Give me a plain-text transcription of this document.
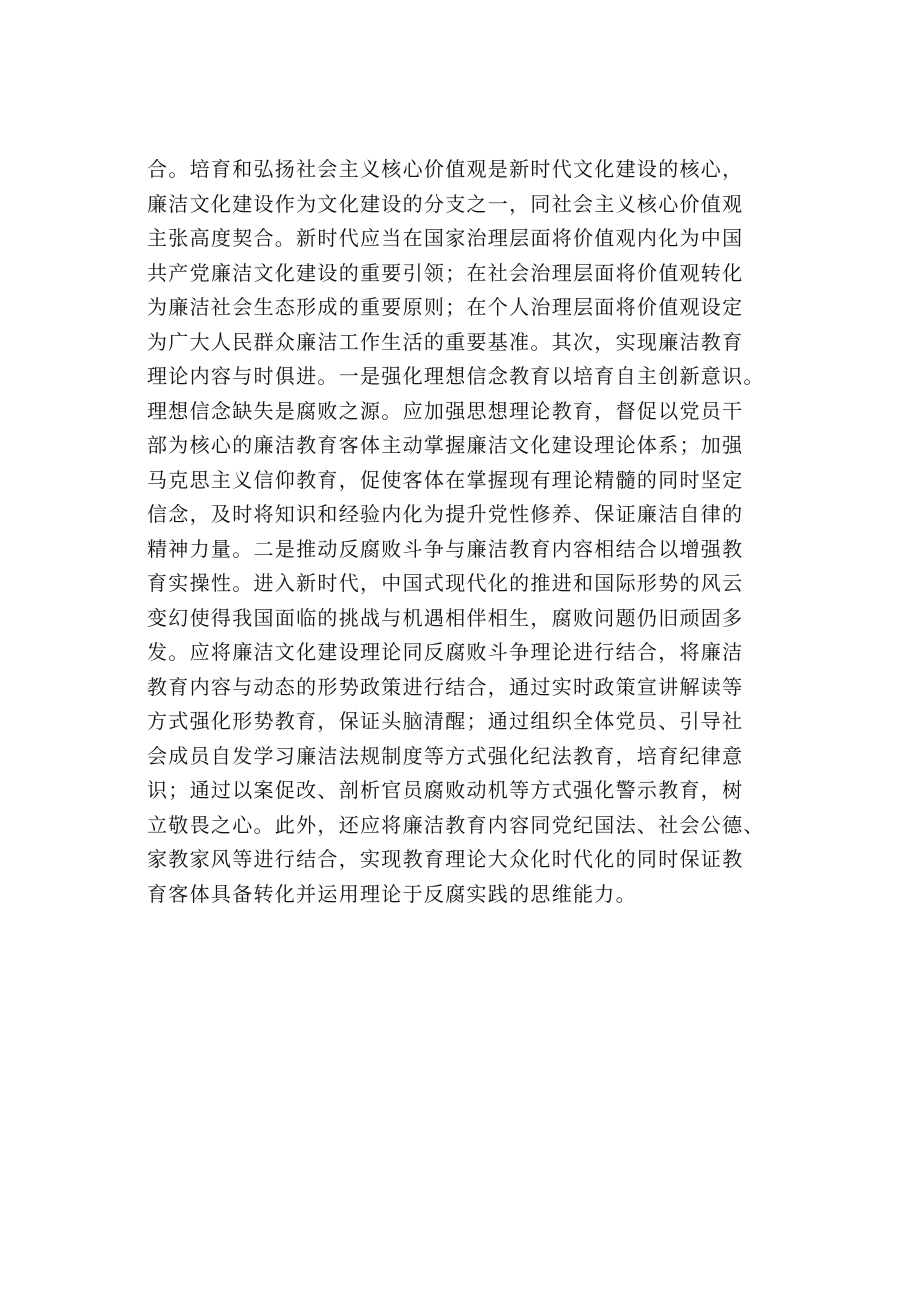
合。培育和弘扬社会主义核心价值观是新时代文化建设的核心，
廉洁文化建设作为文化建设的分支之一，同社会主义核心价值观
主张高度契合。新时代应当在国家治理层面将价值观内化为中国
共产党廉洁文化建设的重要引领；在社会治理层面将价值观转化
为廉洁社会生态形成的重要原则；在个人治理层面将价值观设定
为广大人民群众廉洁工作生活的重要基准。其次，实现廉洁教育
理论内容与时俱进。一是强化理想信念教育以培育自主创新意识。
理想信念缺失是腐败之源。应加强思想理论教育，督促以党员干
部为核心的廉洁教育客体主动掌握廉洁文化建设理论体系；加强
马克思主义信仰教育，促使客体在掌握现有理论精髓的同时坚定
信念，及时将知识和经验内化为提升党性修养、保证廉洁自律的
精神力量。二是推动反腐败斗争与廉洁教育内容相结合以增强教
育实操性。进入新时代，中国式现代化的推进和国际形势的风云
变幻使得我国面临的挑战与机遇相伴相生，腐败问题仍旧顽固多
发。应将廉洁文化建设理论同反腐败斗争理论进行结合，将廉洁
教育内容与动态的形势政策进行结合，通过实时政策宣讲解读等
方式强化形势教育，保证头脑清醒；通过组织全体党员、引导社
会成员自发学习廉洁法规制度等方式强化纪法教育，培育纪律意
识；通过以案促改、剖析官员腐败动机等方式强化警示教育，树
立敬畏之心。此外，还应将廉洁教育内容同党纪国法、社会公德、
家教家风等进行结合，实现教育理论大众化时代化的同时保证教
育客体具备转化并运用理论于反腐实践的思维能力。
